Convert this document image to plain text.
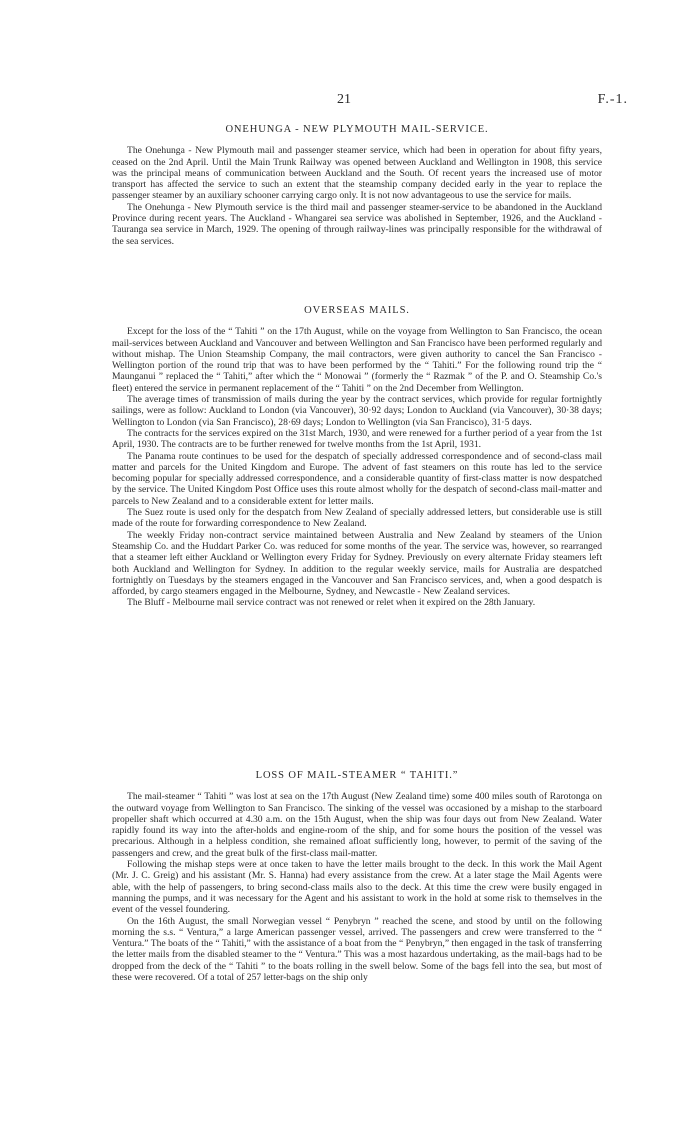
21	F.-1.
ONEHUNGA - NEW PLYMOUTH MAIL-SERVICE.

The Onehunga - New Plymouth mail and passenger steamer service, which had been in operation for about fifty years, ceased on the 2nd April. Until the Main Trunk Railway was opened between Auckland and Wellington in 1908, this service was the principal means of communication between Auckland and the South. Of recent years the increased use of motor transport has affected the service to such an extent that the steamship company decided early in the year to replace the passenger steamer by an auxiliary schooner carrying cargo only. It is not now advantageous to use the service for mails.

The Onehunga - New Plymouth service is the third mail and passenger steamer-service to be abandoned in the Auckland Province during recent years. The Auckland - Whangarei sea service was abolished in September, 1926, and the Auckland - Tauranga sea service in March, 1929. The opening of through railway-lines was principally responsible for the withdrawal of the sea services.

OVERSEAS MAILS.

Except for the loss of the “ Tahiti ” on the 17th August, while on the voyage from Wellington to San Francisco, the ocean mail-services between Auckland and Vancouver and between Wellington and San Francisco have been performed regularly and without mishap. The Union Steamship Company, the mail contractors, were given authority to cancel the San Francisco - Wellington portion of the round trip that was to have been performed by the “ Tahiti.” For the following round trip the “ Maunganui ” replaced the “ Tahiti,” after which the “ Monowai ” (formerly the “ Razmak ” of the P. and O. Steamship Co.'s fleet) entered the service in permanent replacement of the “ Tahiti ” on the 2nd December from Wellington.

The average times of transmission of mails during the year by the contract services, which provide for regular fortnightly sailings, were as follow: Auckland to London (via Vancouver), 30·92 days; London to Auckland (via Vancouver), 30·38 days; Wellington to London (via San Francisco), 28·69 days; London to Wellington (via San Francisco), 31·5 days.

The contracts for the services expired on the 31st March, 1930, and were renewed for a further period of a year from the 1st April, 1930. The contracts are to be further renewed for twelve months from the 1st April, 1931.

The Panama route continues to be used for the despatch of specially addressed correspondence and of second-class mail matter and parcels for the United Kingdom and Europe. The advent of fast steamers on this route has led to the service becoming popular for specially addressed correspondence, and a considerable quantity of first-class matter is now despatched by the service. The United Kingdom Post Office uses this route almost wholly for the despatch of second-class mail-matter and parcels to New Zealand and to a considerable extent for letter mails.

The Suez route is used only for the despatch from New Zealand of specially addressed letters, but considerable use is still made of the route for forwarding correspondence to New Zealand.

The weekly Friday non-contract service maintained between Australia and New Zealand by steamers of the Union Steamship Co. and the Huddart Parker Co. was reduced for some months of the year. The service was, however, so rearranged that a steamer left either Auckland or Wellington every Friday for Sydney. Previously on every alternate Friday steamers left both Auckland and Wellington for Sydney. In addition to the regular weekly service, mails for Australia are despatched fortnightly on Tuesdays by the steamers engaged in the Vancouver and San Francisco services, and, when a good despatch is afforded, by cargo steamers engaged in the Melbourne, Sydney, and Newcastle - New Zealand services.

The Bluff - Melbourne mail service contract was not renewed or relet when it expired on the 28th January.

LOSS OF MAIL-STEAMER “ TAHITI.”

The mail-steamer “ Tahiti ” was lost at sea on the 17th August (New Zealand time) some 400 miles south of Rarotonga on the outward voyage from Wellington to San Francisco. The sinking of the vessel was occasioned by a mishap to the starboard propeller shaft which occurred at 4.30 a.m. on the 15th August, when the ship was four days out from New Zealand. Water rapidly found its way into the after-holds and engine-room of the ship, and for some hours the position of the vessel was precarious. Although in a helpless condition, she remained afloat sufficiently long, however, to permit of the saving of the passengers and crew, and the great bulk of the first-class mail-matter.

Following the mishap steps were at once taken to have the letter mails brought to the deck. In this work the Mail Agent (Mr. J. C. Greig) and his assistant (Mr. S. Hanna) had every assistance from the crew. At a later stage the Mail Agents were able, with the help of passengers, to bring second-class mails also to the deck. At this time the crew were busily engaged in manning the pumps, and it was necessary for the Agent and his assistant to work in the hold at some risk to themselves in the event of the vessel foundering.

On the 16th August, the small Norwegian vessel “ Penybryn ” reached the scene, and stood by until on the following morning the s.s. “ Ventura,” a large American passenger vessel, arrived. The passengers and crew were transferred to the “ Ventura.” The boats of the “ Tahiti,” with the assistance of a boat from the “ Penybryn,” then engaged in the task of transferring the letter mails from the disabled steamer to the “ Ventura.” This was a most hazardous undertaking, as the mail-bags had to be dropped from the deck of the “ Tahiti ” to the boats rolling in the swell below. Some of the bags fell into the sea, but most of these were recovered. Of a total of 257 letter-bags on the ship only
